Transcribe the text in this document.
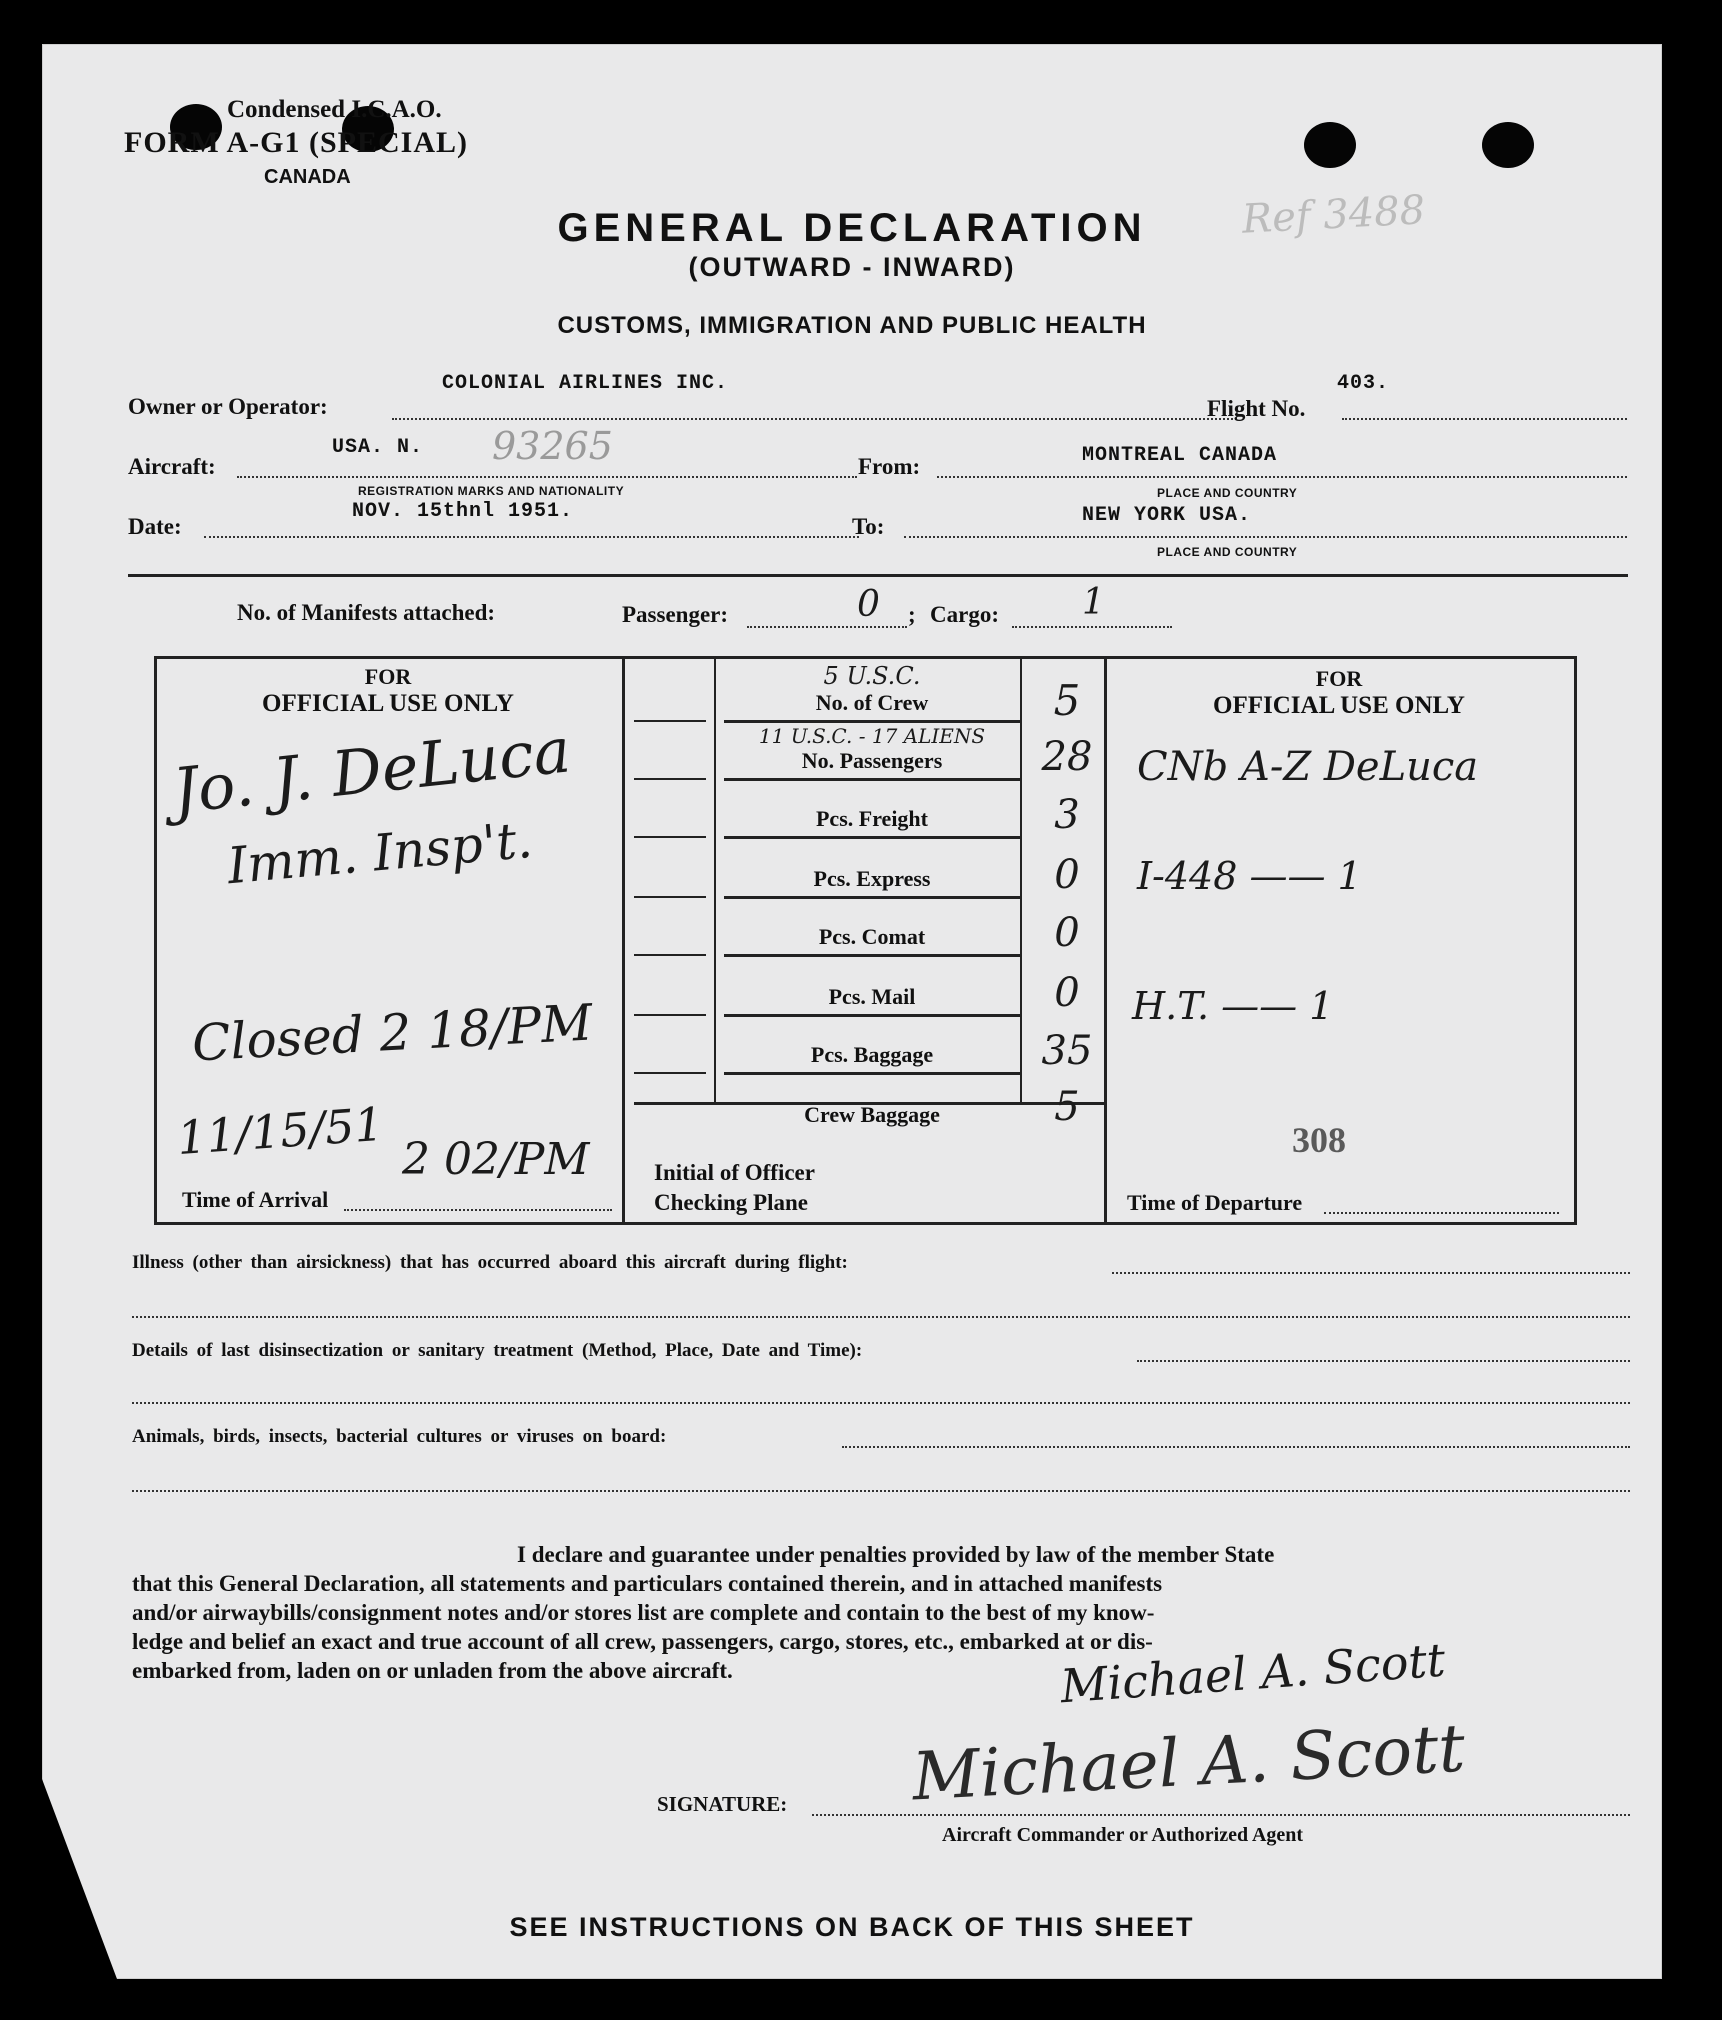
Condensed I.C.A.O.
FORM A-G1 (SPECIAL)
CANADA
Ref 3488
GENERAL DECLARATION
(OUTWARD - INWARD)
CUSTOMS, IMMIGRATION AND PUBLIC HEALTH
Owner or Operator:
COLONIAL AIRLINES INC.
Flight No.
403.
Aircraft:
USA. N. 93265
REGISTRATION MARKS AND NATIONALITY
From:	MONTREAL CANADA
PLACE AND COUNTRY
Date:
NOV. 15thnl 1951.
To:	NEW YORK USA.
PLACE AND COUNTRY
No. of Manifests attached:	Passenger:	0 ; Cargo: 1
FOR
OFFICIAL USE ONLY
Jo. J. DeLuca
Imm. Insp't.
Closed 2 18/PM
11/15/51 2 02/PM
Time of Arrival
5 U.S.C.
No. of Crew	5
11 U.S.C. - 17 ALIENS
No. Passengers	28
Pcs. Freight	3
Pcs. Express	0
Pcs. Comat	0
Pcs. Mail	0
Pcs. Baggage	35
Crew Baggage	5
Initial of Officer
Checking Plane
FOR
OFFICIAL USE ONLY
CNb A-Z DeLuca
I-448 —— 1
H.T. —— 1
308
Time of Departure
Illness (other than airsickness) that has occurred aboard this aircraft during flight:
Details of last disinsectization or sanitary treatment (Method, Place, Date and Time):
Animals, birds, insects, bacterial cultures or viruses on board:
I declare and guarantee under penalties provided by law of the member State
that this General Declaration, all statements and particulars contained therein, and in attached manifests
and/or airwaybills/consignment notes and/or stores list are complete and contain to the best of my know-
ledge and belief an exact and true account of all crew, passengers, cargo, stores, etc., embarked at or dis-
embarked from, laden on or unladen from the above aircraft.	Michael A. Scott
Michael A. Scott
SIGNATURE:
Aircraft Commander or Authorized Agent
SEE INSTRUCTIONS ON BACK OF THIS SHEET
